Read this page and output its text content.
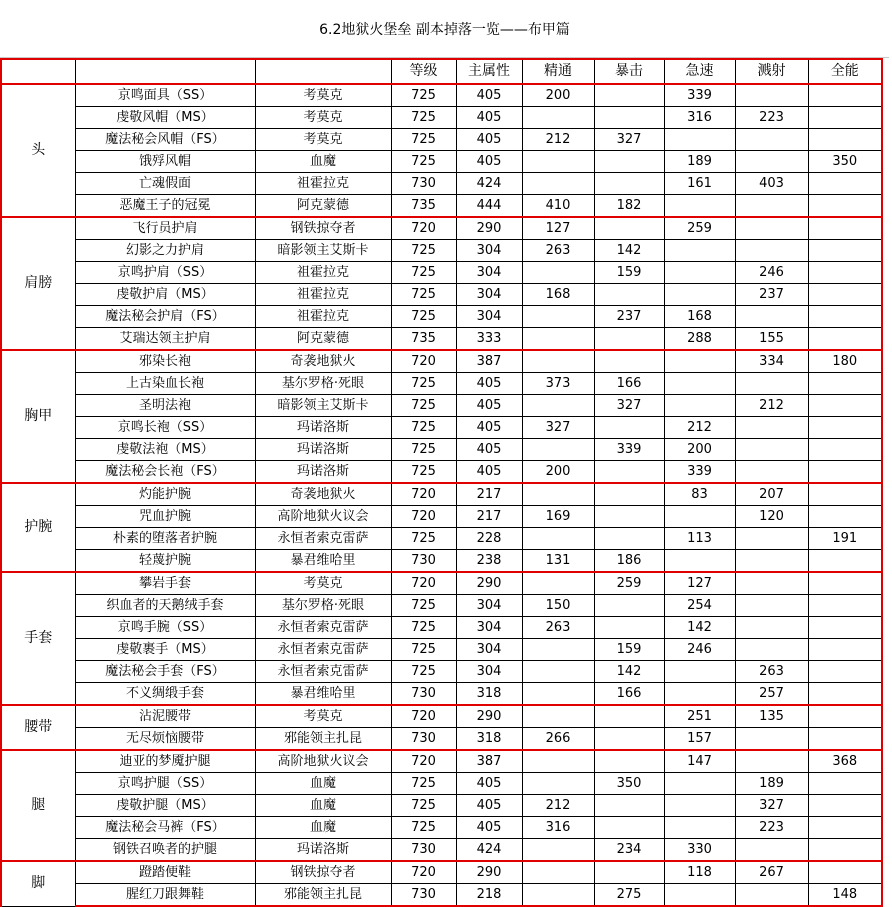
6.2地狱火堡垒 副本掉落一览——布甲篇
			等级	主属性	精通	暴击	急速	溅射	全能
头	京鸣面具（SS）	考莫克	725	405	200		339		
	虔敬风帽（MS）	考莫克	725	405			316	223	
	魔法秘会风帽（FS）	考莫克	725	405	212	327			
	饿殍风帽	血魔	725	405			189		350
	亡魂假面	祖霍拉克	730	424			161	403	
	恶魔王子的冠冕	阿克蒙德	735	444	410	182			
肩膀	飞行员护肩	钢铁掠夺者	720	290	127		259		
	幻影之力护肩	暗影领主艾斯卡	725	304	263	142			
	京鸣护肩（SS）	祖霍拉克	725	304		159		246	
	虔敬护肩（MS）	祖霍拉克	725	304	168			237	
	魔法秘会护肩（FS）	祖霍拉克	725	304		237	168		
	艾瑞达领主护肩	阿克蒙德	735	333			288	155	
胸甲	邪染长袍	奇袭地狱火	720	387				334	180
	上古染血长袍	基尔罗格·死眼	725	405	373	166			
	圣明法袍	暗影领主艾斯卡	725	405		327		212	
	京鸣长袍（SS）	玛诺洛斯	725	405	327		212		
	虔敬法袍（MS）	玛诺洛斯	725	405		339	200		
	魔法秘会长袍（FS）	玛诺洛斯	725	405	200		339		
护腕	灼能护腕	奇袭地狱火	720	217			83	207	
	咒血护腕	高阶地狱火议会	720	217	169			120	
	朴素的堕落者护腕	永恒者索克雷萨	725	228			113		191
	轻蔑护腕	暴君维哈里	730	238	131	186			
手套	攀岩手套	考莫克	720	290		259	127		
	织血者的天鹅绒手套	基尔罗格·死眼	725	304	150		254		
	京鸣手腕（SS）	永恒者索克雷萨	725	304	263		142		
	虔敬裹手（MS）	永恒者索克雷萨	725	304		159	246		
	魔法秘会手套（FS）	永恒者索克雷萨	725	304		142		263	
	不义绸缎手套	暴君维哈里	730	318		166		257	
腰带	沾泥腰带	考莫克	720	290			251	135	
	无尽烦恼腰带	邪能领主扎昆	730	318	266		157		
腿	迪亚的梦魇护腿	高阶地狱火议会	720	387			147		368
	京鸣护腿（SS）	血魔	725	405		350		189	
	虔敬护腿（MS）	血魔	725	405	212			327	
	魔法秘会马裤（FS）	血魔	725	405	316			223	
	钢铁召唤者的护腿	玛诺洛斯	730	424		234	330		
脚	蹬踏便鞋	钢铁掠夺者	720	290			118	267	
	腥红刀跟舞鞋	邪能领主扎昆	730	218		275			148
